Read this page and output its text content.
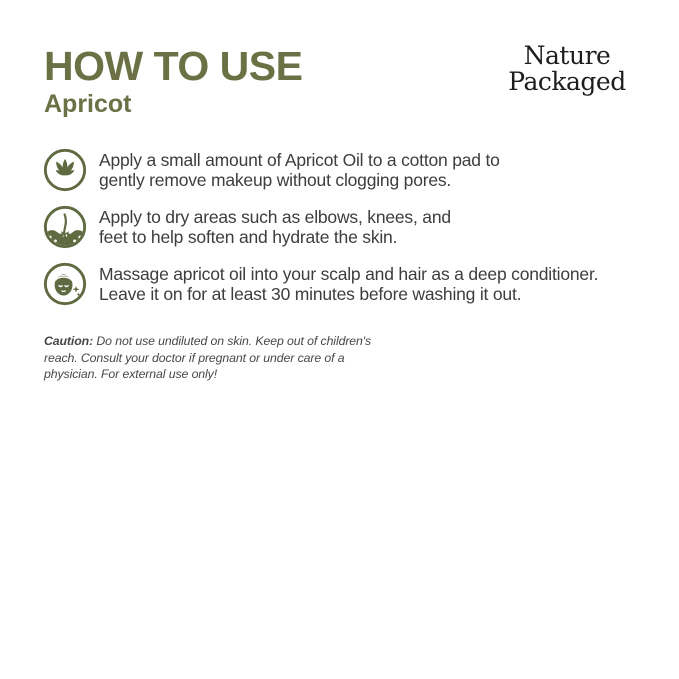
HOW TO USE
Apricot
Nature
Packaged
Apply a small amount of Apricot Oil to a cotton pad to
gently remove makeup without clogging pores.
Apply to dry areas such as elbows, knees, and
feet to help soften and hydrate the skin.
Massage apricot oil into your scalp and hair as a deep conditioner.
Leave it on for at least 30 minutes before washing it out.
Caution: Do not use undiluted on skin. Keep out of children's
reach. Consult your doctor if pregnant or under care of a
physician. For external use only!
